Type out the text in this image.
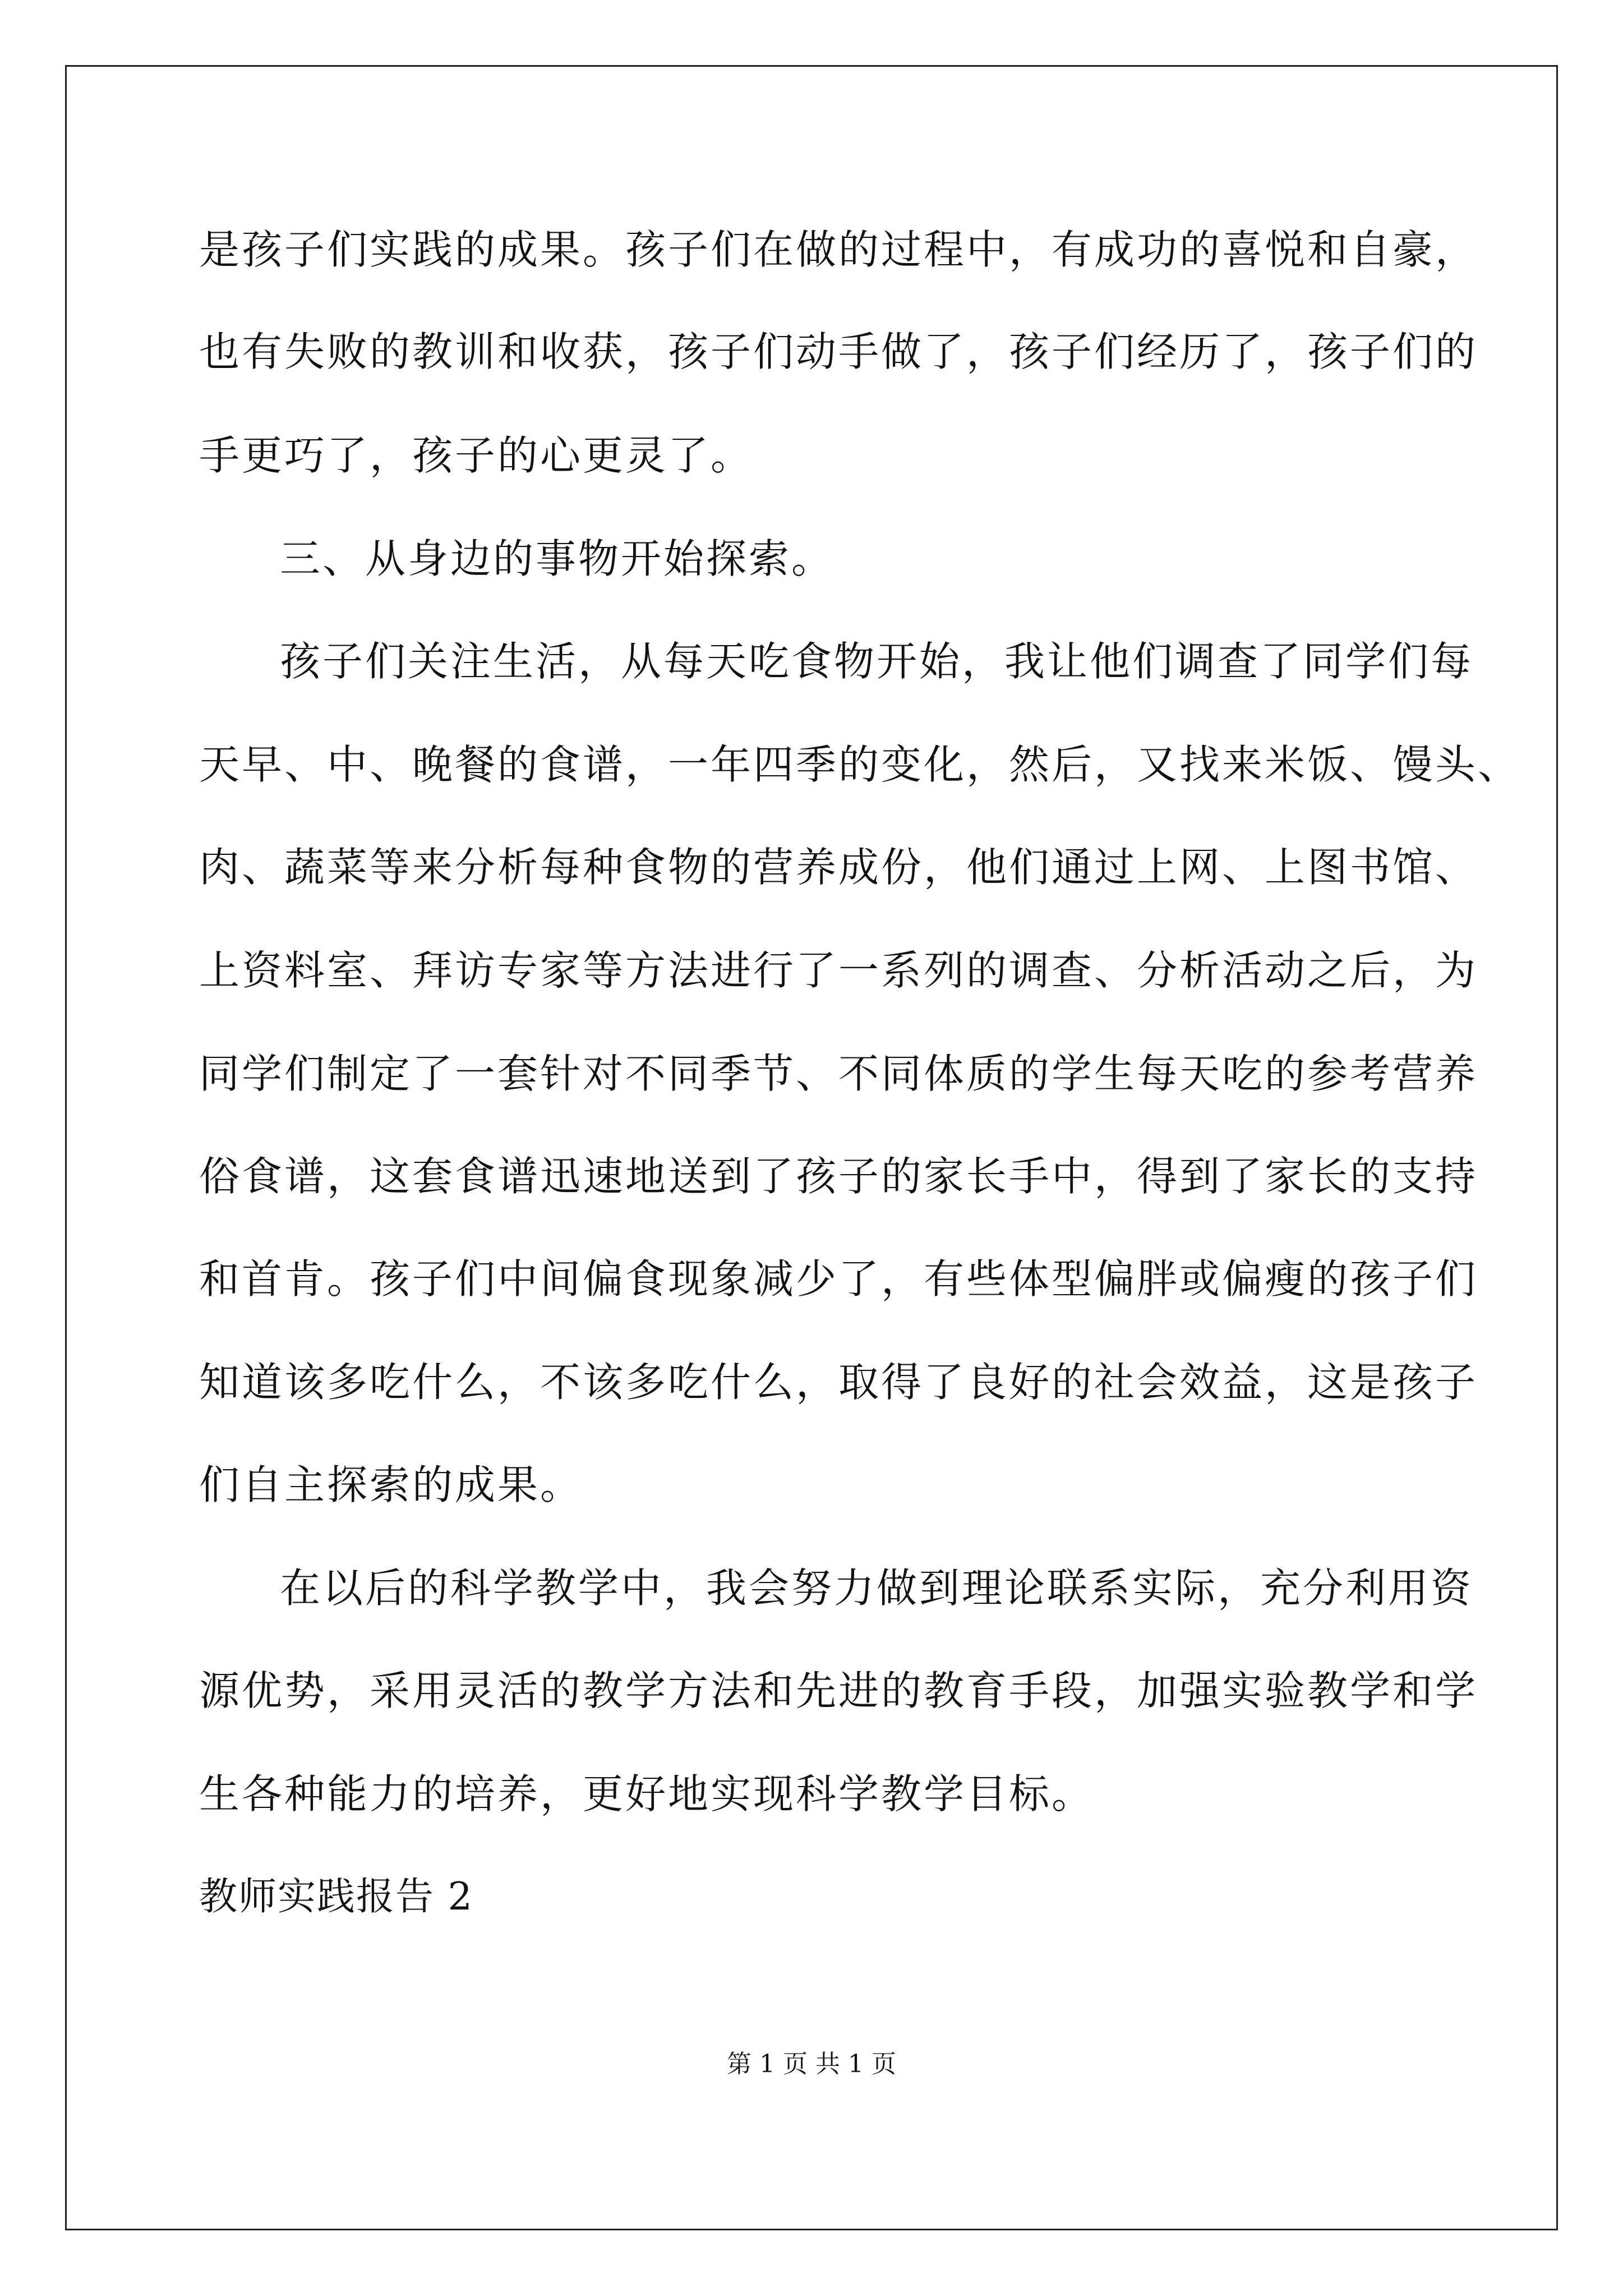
是孩子们实践的成果。孩子们在做的过程中，有成功的喜悦和自豪，
也有失败的教训和收获，孩子们动手做了，孩子们经历了，孩子们的
手更巧了，孩子的心更灵了。
三、从身边的事物开始探索。
孩子们关注生活，从每天吃食物开始，我让他们调查了同学们每
天早、中、晚餐的食谱，一年四季的变化，然后，又找来米饭、馒头、
肉、蔬菜等来分析每种食物的营养成份，他们通过上网、上图书馆、
上资料室、拜访专家等方法进行了一系列的调查、分析活动之后，为
同学们制定了一套针对不同季节、不同体质的学生每天吃的参考营养
俗食谱，这套食谱迅速地送到了孩子的家长手中，得到了家长的支持
和首肯。孩子们中间偏食现象减少了，有些体型偏胖或偏瘦的孩子们
知道该多吃什么，不该多吃什么，取得了良好的社会效益，这是孩子
们自主探索的成果。
在以后的科学教学中，我会努力做到理论联系实际，充分利用资
源优势，采用灵活的教学方法和先进的教育手段，加强实验教学和学
生各种能力的培养，更好地实现科学教学目标。
教师实践报告 2
第 1 页 共 1 页
